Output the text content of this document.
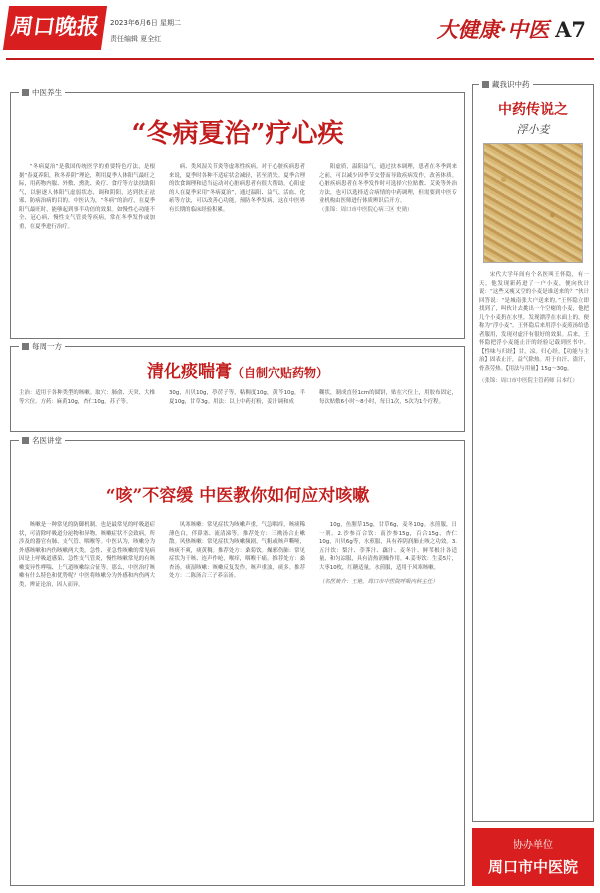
周口晚报	2023年6月6日 星期二
责任编辑 夏全红	大健康·中医 A7
中医养生
“冬病夏治”疗心疾

“冬病夏治”是我国传统医学的重要特色疗法，是根据“春夏养阳，秋冬养阴”理论，利用夏季人体阳气最旺之际，用药物内服、外敷、熏洗、灸疗、食疗等方法扶助阳气，以驱逐人体阳气虚弱状态，调和阴阳，达到扶正祛邪、防病治病的目的。中医认为，“冬病”的治疗，在夏季阳气最旺时，能够起到事半功倍的效果。如慢性心功能不全、冠心病、慢性支气管炎等疾病，常在冬季发作或加重，在夏季进行治疗。

病、类风湿关节炎等虚寒性疾病。对于心脏疾病患者来说，夏季时各种不适症状会减轻，甚至消失。夏季合理的饮食调理和适当运动对心脏病患者有很大帮助。心阳虚的人在夏季采用“冬病夏治”，通过温阳、益气、活血、化瘀等方法，可以改善心功能，预防冬季发病，这在中医界有长期的临床经验积累。

阳虚质，温阳益气，通过扶本调理，患者在冬季到来之前，可以减少因季节交替而导致疾病发作，改善体质。心脏疾病患者在冬季发作时可选择穴位贴敷、艾灸等外治方法，也可以选择适合病情的中药调理，但需要到中医专业机构由医师进行体质辨识后开方。

（张锦：周口市中医院心病三区 史勋）

每周一方
清化痰喘膏（自制穴贴药物）

主治：适用于各种类型的咳嗽。取穴：肺俞、天突、大椎等穴位。方药：麻黄10g，杏仁10g，苏子等。

30g，川贝10g，葶苈子等，粘稠度10g，黄芩10g，半夏10g，甘草3g。用法：以上中药打粉，姜汁调和成

糊状，制成直径1cm的圆饼，贴在穴位上，用胶布固定，每次贴敷6小时～8小时，每日1次，5次为1个疗程。

名医讲堂
“咳”不容缓 中医教你如何应对咳嗽

咳嗽是一种常见的防御机制，也是最常见的呼吸道症状，可清除呼吸道分泌物和异物。咳嗽症状不会致病，所涉及的器官有肺、支气管、咽喉等。中医认为，咳嗽分为外感咳嗽和内伤咳嗽两大类。急性、亚急性咳嗽的常见病因是上呼吸道感染、急性支气管炎，慢性咳嗽常见的有咳嗽变异性哮喘、上气道咳嗽综合征等。那么，中医治疗咳嗽有什么特色和优势呢？中医将咳嗽分为外感和内伤两大类，辨证论治，因人而异。

风寒咳嗽：常见症状为咳嗽声重，气急咽痒，咳痰稀薄色白，伴鼻塞、流清涕等。推荐处方：三拗汤合止嗽散。风热咳嗽：常见症状为咳嗽频剧，气粗或咳声嘶哑，咳痰不爽，痰黄稠。推荐处方：桑菊饮。燥邪伤肺：常见症状为干咳、连声作呛，喉痒，咽喉干痛。推荐处方：桑杏汤。痰湿咳嗽：咳嗽反复发作，咳声重浊，痰多。推荐处方：二陈汤合三子养亲汤。

10g，鱼腥草15g，甘草6g，麦冬10g。水煎服，日一剂。2.沙参百合饮：南沙参15g，百合15g，杏仁10g，川贝6g等，水煎服，具有养阴润肺止咳之功效。3.五汁饮：梨汁、荸荠汁、藕汁、麦冬汁、鲜苇根汁各适量，和匀凉服，具有清热润燥作用。4.姜枣饮：生姜5片，大枣10枚，红糖适量，水煎服，适用于风寒咳嗽。

（名医简介：王艳，周口市中医院呼吸内科主任）

藏我识中药
中药传说之
浮小麦

宋代大学年间有个名医叫王怀隐，有一天，他发现新药进了一户小麦，便向伙计说：“这些又瘦又空的小麦是谁送来的？”伙计回答说：“是城南张大户送来的。”王怀隐立即找到了，叫伙计去挑出一个空瘪的小麦，他把几个小麦扔在水里，发现漂浮在水面上的，便称为“浮小麦”。王怀隐后来用浮小麦煎汤给患者服用，发现对虚汗有很好的效果。后来，王怀隐把浮小麦能止汗的经验记载到医书中。【性味与归经】甘，凉。归心经。【功能与主治】固表止汗，益气除热。用于自汗、盗汗，骨蒸劳热。【用法与用量】15g～30g。

（张锦：周口市中医院主管药师 吕本红）

协办单位
周口市中医院
